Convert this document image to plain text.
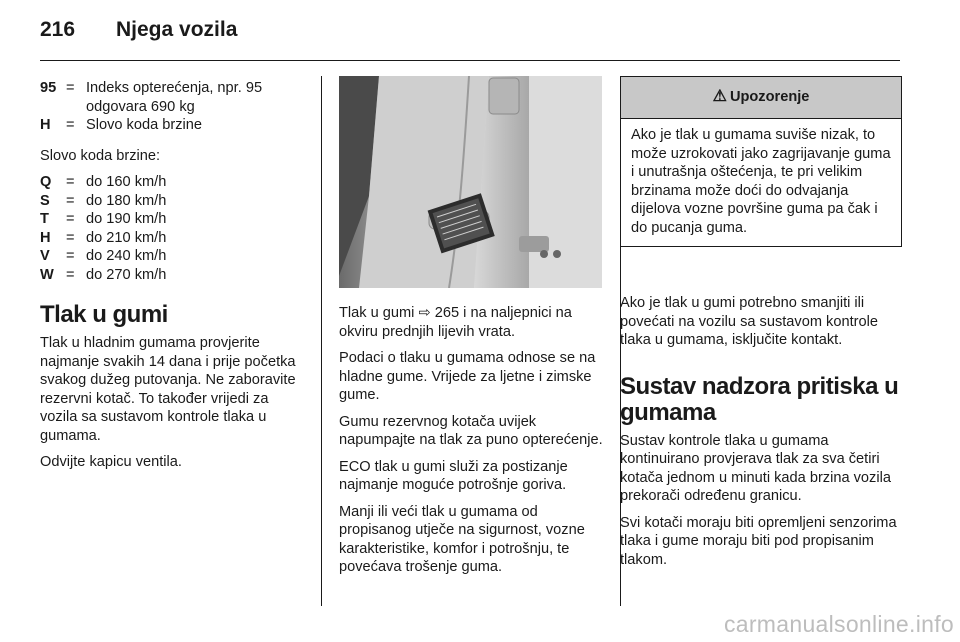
216 Njega vozila
95 = Indeks opterećenja, npr. 95 odgovara 690 kg
H	= Slovo koda brzine

Slovo koda brzine:

Q	= do 160 km/h
S	= do 180 km/h
T	= do 190 km/h
H	= do 210 km/h
V	= do 240 km/h
W = do 270 km/h
Tlak u gumi

Tlak u hladnim gumama provjerite najmanje svakih 14 dana i prije početka svakog dužeg putovanja. Ne zaboravite rezervni kotač. To također vrijedi za vozila sa sustavom kontrole tlaka u gumama.

Odvijte kapicu ventila.

Tlak u gumi ⇨ 265 i na naljepnici na okviru prednjih lijevih vrata.

Podaci o tlaku u gumama odnose se na hladne gume. Vrijede za ljetne i zimske gume.

Gumu rezervnog kotača uvijek napumpajte na tlak za puno opterećenje.

ECO tlak u gumi služi za postizanje najmanje moguće potrošnje goriva.

Manji ili veći tlak u gumama od propisanog utječe na sigurnost, vozne karakteristike, komfor i potrošnju, te povećava trošenje guma.

⚠ Upozorenje
Ako je tlak u gumama suviše nizak, to može uzrokovati jako zagrijavanje guma i unutrašnja oštećenja, te pri velikim brzinama može doći do odvajanja dijelova vozne površine guma pa čak i do pucanja guma.

Ako je tlak u gumi potrebno smanjiti ili povećati na vozilu sa sustavom kontrole tlaka u gumama, isključite kontakt.

Sustav nadzora pritiska u gumama

Sustav kontrole tlaka u gumama kontinuirano provjerava tlak za sva četiri kotača jednom u minuti kada brzina vozila prekorači određenu granicu.

Svi kotači moraju biti opremljeni senzorima tlaka i gume moraju biti pod propisanim tlakom.

carmanualsonline.info
